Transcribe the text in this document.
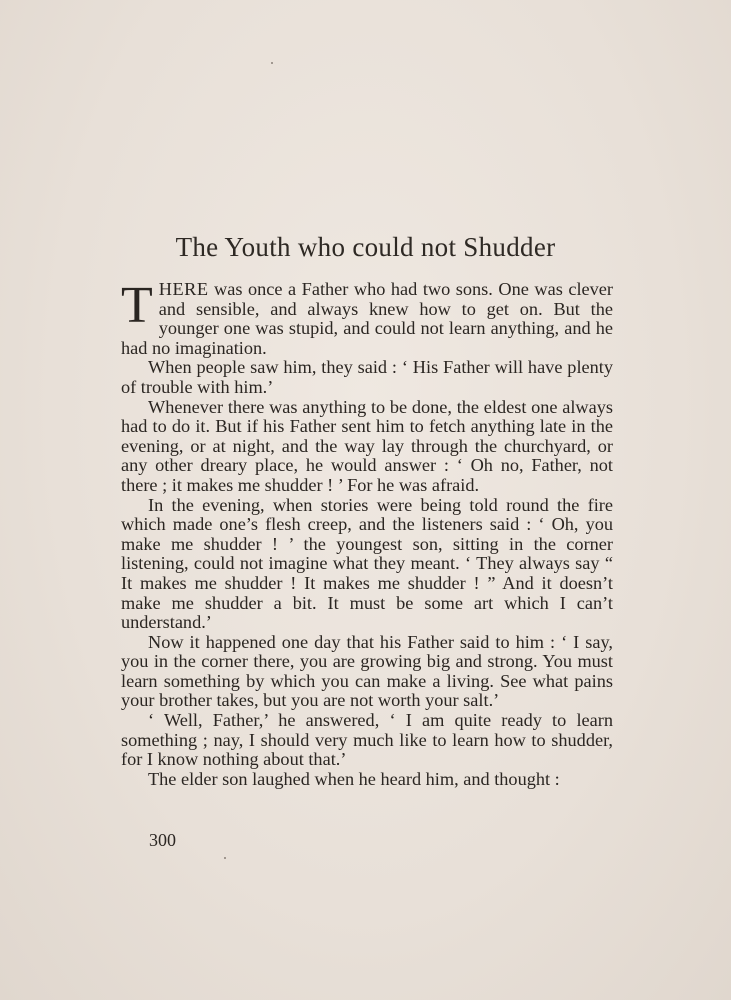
The Youth who could not Shudder

THERE was once a Father who had two sons. One was clever and sensible, and always knew how to get on. But the younger one was stupid, and could not learn anything, and he had no imagination.

When people saw him, they said : ‘ His Father will have plenty of trouble with him.’

Whenever there was anything to be done, the eldest one always had to do it. But if his Father sent him to fetch anything late in the evening, or at night, and the way lay through the churchyard, or any other dreary place, he would answer : ‘ Oh no, Father, not there ; it makes me shudder ! ’ For he was afraid.

In the evening, when stories were being told round the fire which made one’s flesh creep, and the listeners said : ‘ Oh, you make me shudder ! ’ the youngest son, sitting in the corner listening, could not imagine what they meant. ‘ They always say “ It makes me shudder ! It makes me shudder ! ” And it doesn’t make me shudder a bit. It must be some art which I can’t understand.’

Now it happened one day that his Father said to him : ‘ I say, you in the corner there, you are growing big and strong. You must learn something by which you can make a living. See what pains your brother takes, but you are not worth your salt.’

‘ Well, Father,’ he answered, ‘ I am quite ready to learn something ; nay, I should very much like to learn how to shudder, for I know nothing about that.’

The elder son laughed when he heard him, and thought :

300
